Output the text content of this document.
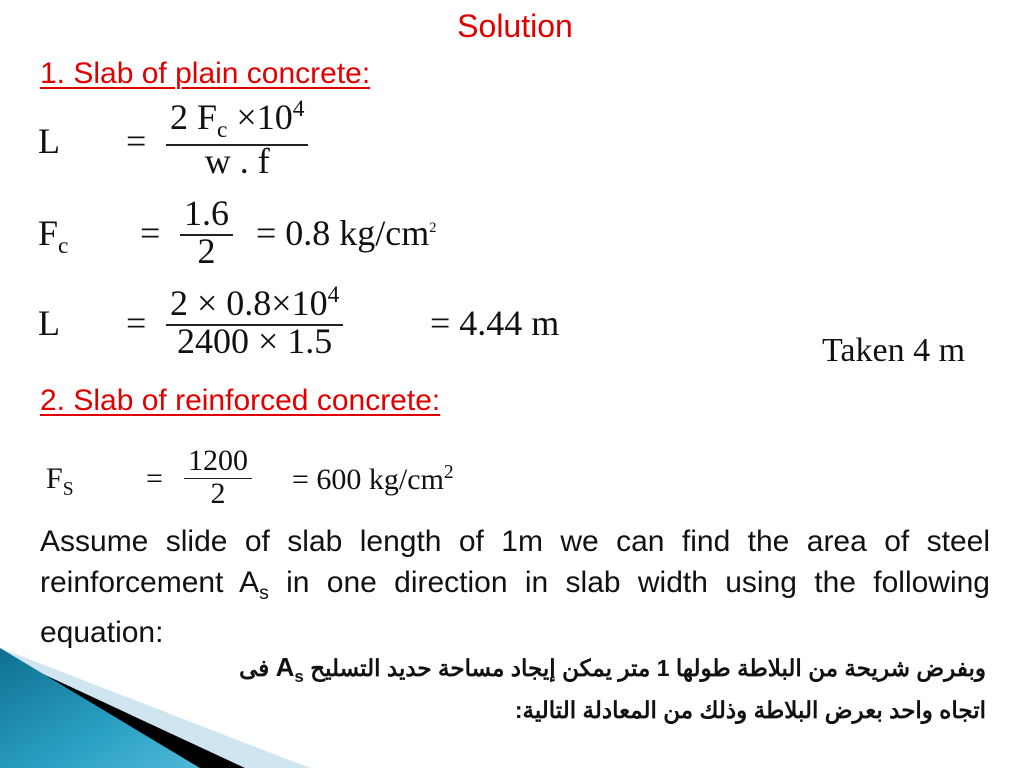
Solution
1. Slab of plain concrete:
L =
2 $F_c \times 10^4$
w . f
$F_c = 1.6$
2 = 0.8 $kg/cm^2$
$L = 2 \times 0.8\times 10^4$
2400 × 1.5	= 4.44 m
Taken 4 m
2. Slab of reinforced concrete:
$F_S$ =
1200
2 = 600 $kg/cm^2$
Assume slide of slab length of 1m we can find the area of steel reinforcement $A_s$ in one direction in slab width using the following equation:
وبفرض شريحة من البلاطة طولها 1 متر يمكن إيجاد مساحة حديد التسليح $A_s$ فى
اتجاه واحد بعرض البلاطة وذلك من المعادلة التالية:
